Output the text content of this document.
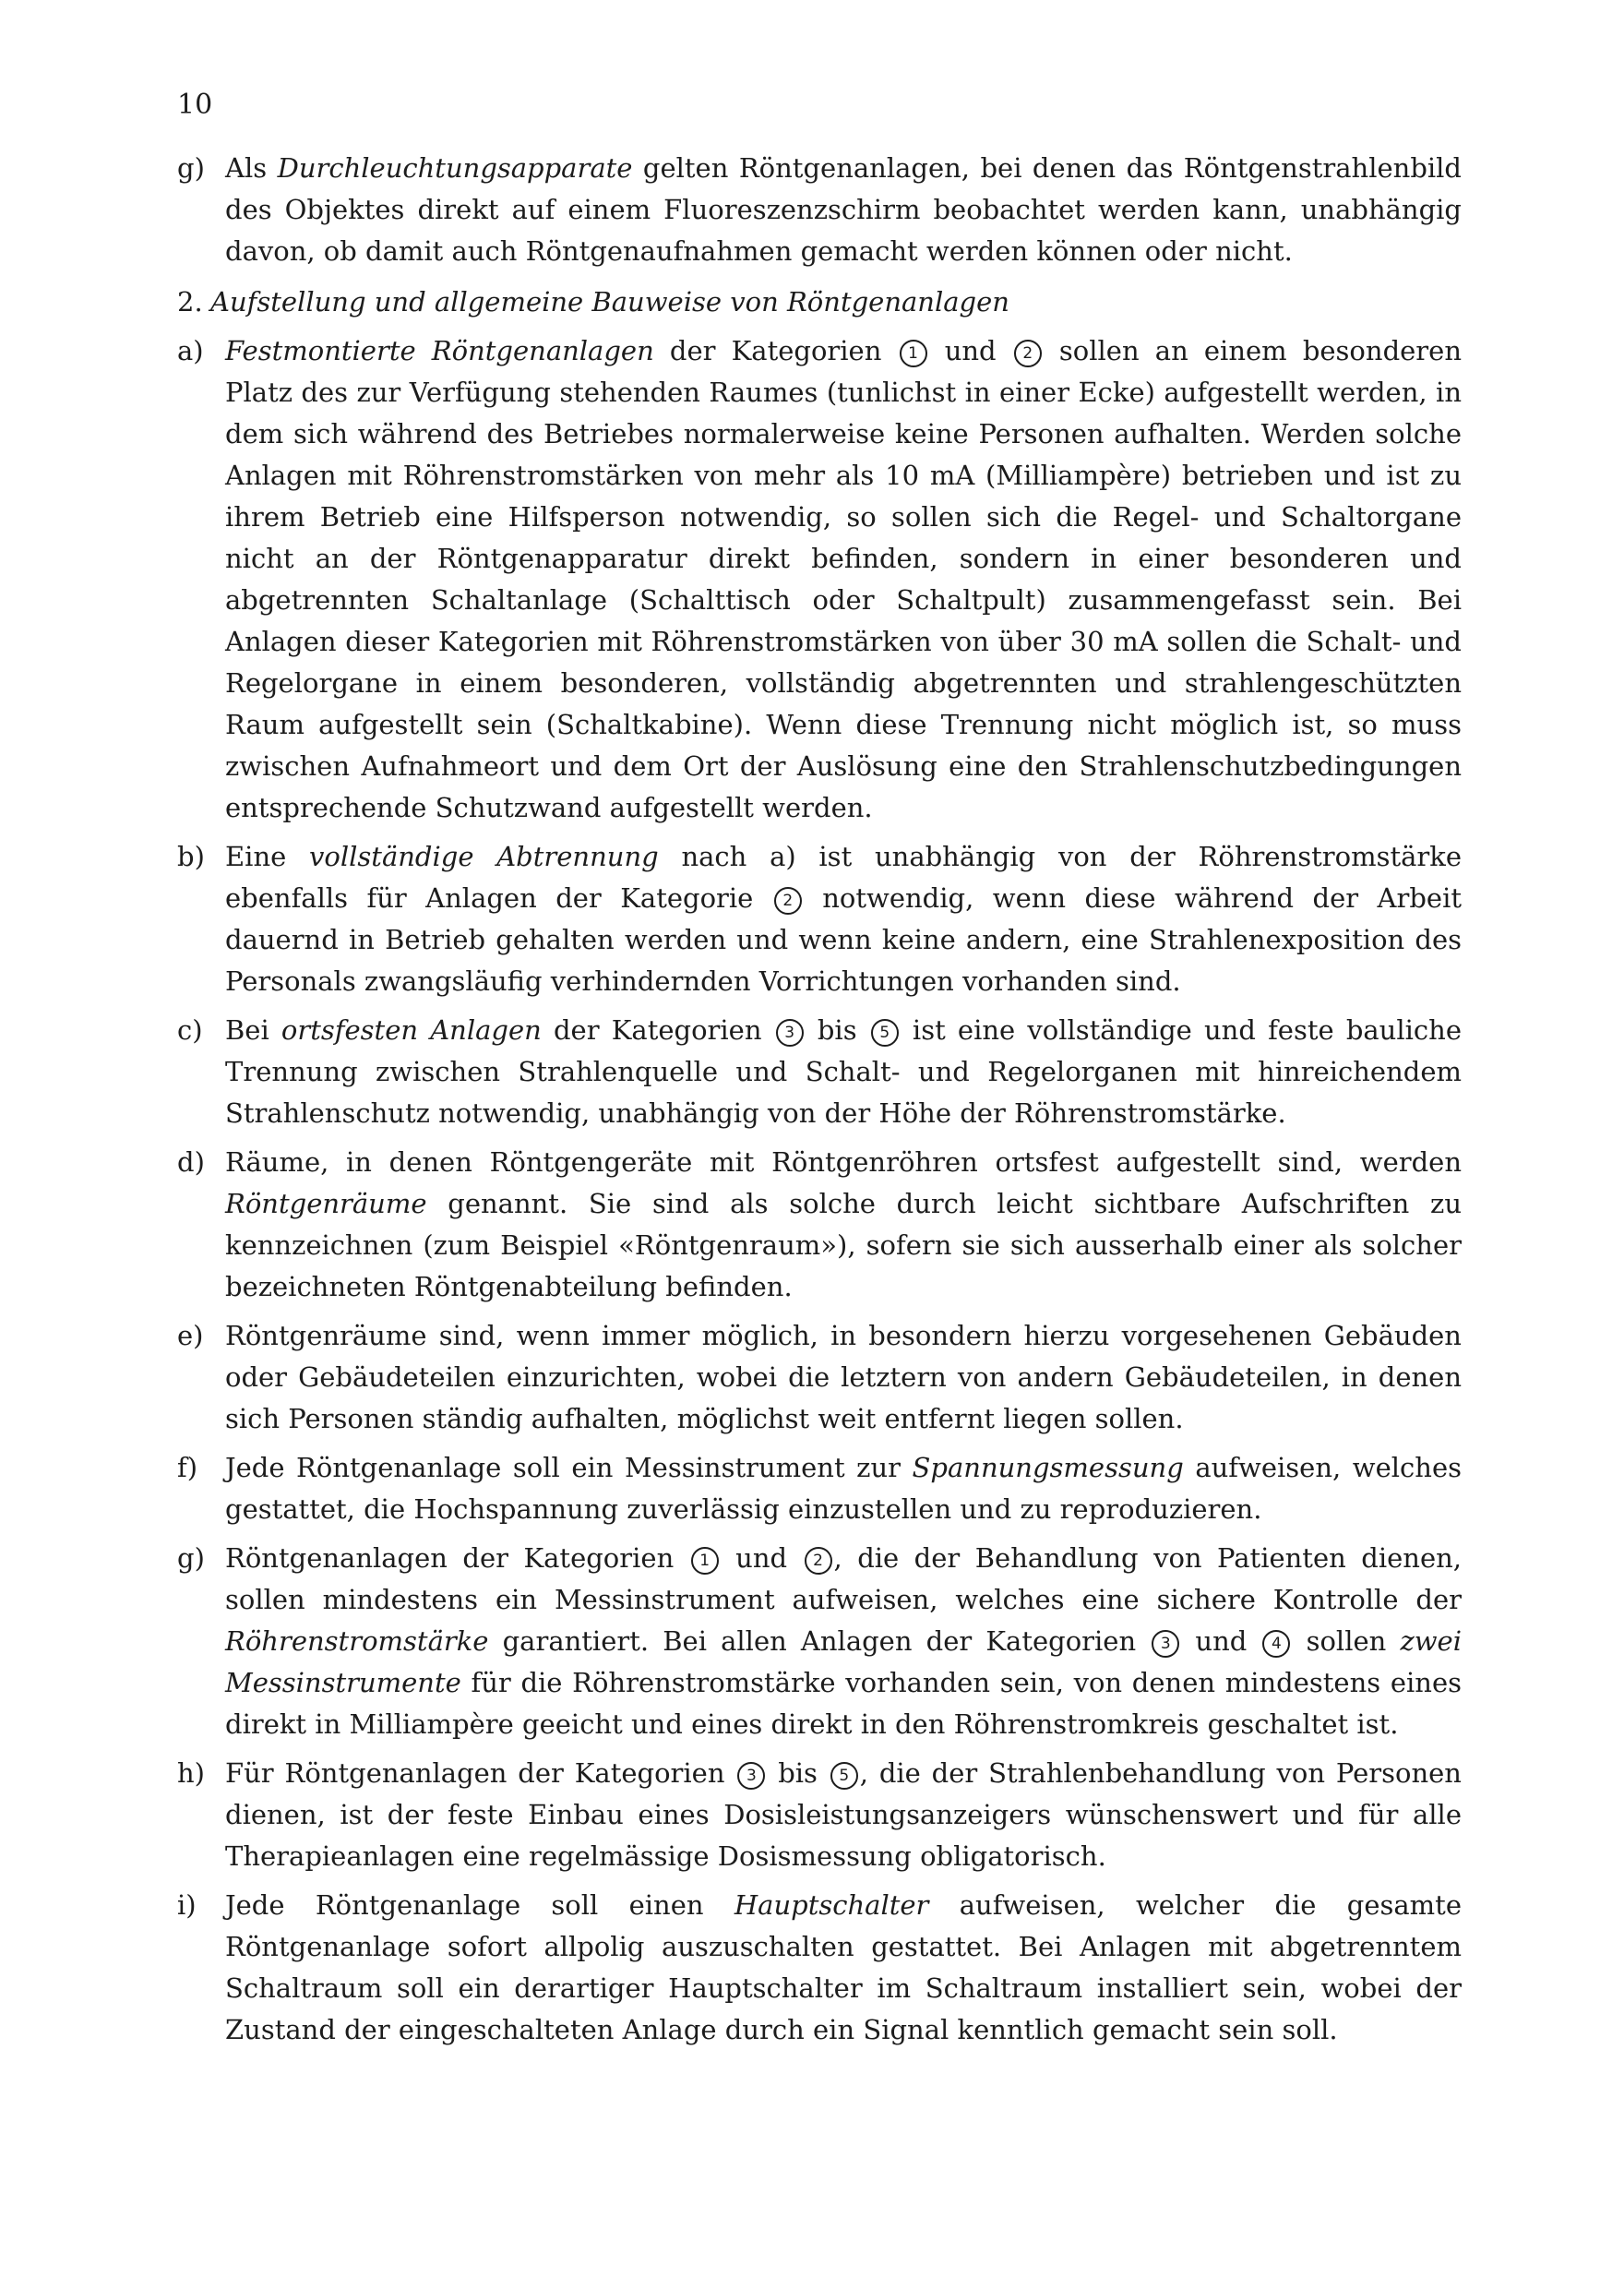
10
g) Als Durchleuchtungsapparate gelten Röntgenanlagen, bei denen das Röntgenstrahlenbild des Objektes direkt auf einem Fluoreszenzschirm beobachtet werden kann, unabhängig davon, ob damit auch Röntgenaufnahmen gemacht werden können oder nicht.
2. Aufstellung und allgemeine Bauweise von Röntgenanlagen
a) Festmontierte Röntgenanlagen der Kategorien 1 und 2 sollen an einem besonderen Platz des zur Verfügung stehenden Raumes (tunlichst in einer Ecke) aufgestellt werden, in dem sich während des Betriebes normalerweise keine Personen aufhalten. Werden solche Anlagen mit Röhrenstromstärken von mehr als 10 mA (Milliampère) betrieben und ist zu ihrem Betrieb eine Hilfsperson notwendig, so sollen sich die Regel- und Schaltorgane nicht an der Röntgenapparatur direkt befinden, sondern in einer besonderen und abgetrennten Schaltanlage (Schalttisch oder Schaltpult) zusammengefasst sein. Bei Anlagen dieser Kategorien mit Röhrenstromstärken von über 30 mA sollen die Schalt- und Regelorgane in einem besonderen, vollständig abgetrennten und strahlengeschützten Raum aufgestellt sein (Schaltkabine). Wenn diese Trennung nicht möglich ist, so muss zwischen Aufnahmeort und dem Ort der Auslösung eine den Strahlenschutzbedingungen entsprechende Schutzwand aufgestellt werden.
b) Eine vollständige Abtrennung nach a) ist unabhängig von der Röhrenstromstärke ebenfalls für Anlagen der Kategorie 2 notwendig, wenn diese während der Arbeit dauernd in Betrieb gehalten werden und wenn keine andern, eine Strahlenexposition des Personals zwangsläufig verhindernden Vorrichtungen vorhanden sind.
c) Bei ortsfesten Anlagen der Kategorien 3 bis 5 ist eine vollständige und feste bauliche Trennung zwischen Strahlenquelle und Schalt- und Regelorganen mit hinreichendem Strahlenschutz notwendig, unabhängig von der Höhe der Röhrenstromstärke.
d) Räume, in denen Röntgengeräte mit Röntgenröhren ortsfest aufgestellt sind, werden Röntgenräume genannt. Sie sind als solche durch leicht sichtbare Aufschriften zu kennzeichnen (zum Beispiel «Röntgenraum»), sofern sie sich ausserhalb einer als solcher bezeichneten Röntgenabteilung befinden.
e) Röntgenräume sind, wenn immer möglich, in besondern hierzu vorgesehenen Gebäuden oder Gebäudeteilen einzurichten, wobei die letztern von andern Gebäudeteilen, in denen sich Personen ständig aufhalten, möglichst weit entfernt liegen sollen.
f)	Jede Röntgenanlage soll ein Messinstrument zur Spannungsmessung aufweisen, welches gestattet, die Hochspannung zuverlässig einzustellen und zu reproduzieren.
g) Röntgenanlagen der Kategorien 1 und 2 , die der Behandlung von Patienten dienen, sollen mindestens ein Messinstrument aufweisen, welches eine sichere Kontrolle der Röhrenstromstärke garantiert. Bei allen Anlagen der Kategorien 3 und 4 sollen zwei Messinstrumente für die Röhrenstromstärke vorhanden sein, von denen mindestens eines direkt in Milliampère geeicht und eines direkt in den Röhrenstromkreis geschaltet ist.
h) Für Röntgenanlagen der Kategorien 3 bis 5 , die der Strahlenbehandlung von Personen dienen, ist der feste Einbau eines Dosisleistungsanzeigers wünschenswert und für alle Therapieanlagen eine regelmässige Dosismessung obligatorisch.
i)	Jede Röntgenanlage soll einen Hauptschalter aufweisen, welcher die gesamte Röntgenanlage sofort allpolig auszuschalten gestattet. Bei Anlagen mit abgetrenntem Schaltraum soll ein derartiger Hauptschalter im Schaltraum installiert sein, wobei der Zustand der eingeschalteten Anlage durch ein Signal kenntlich gemacht sein soll.
